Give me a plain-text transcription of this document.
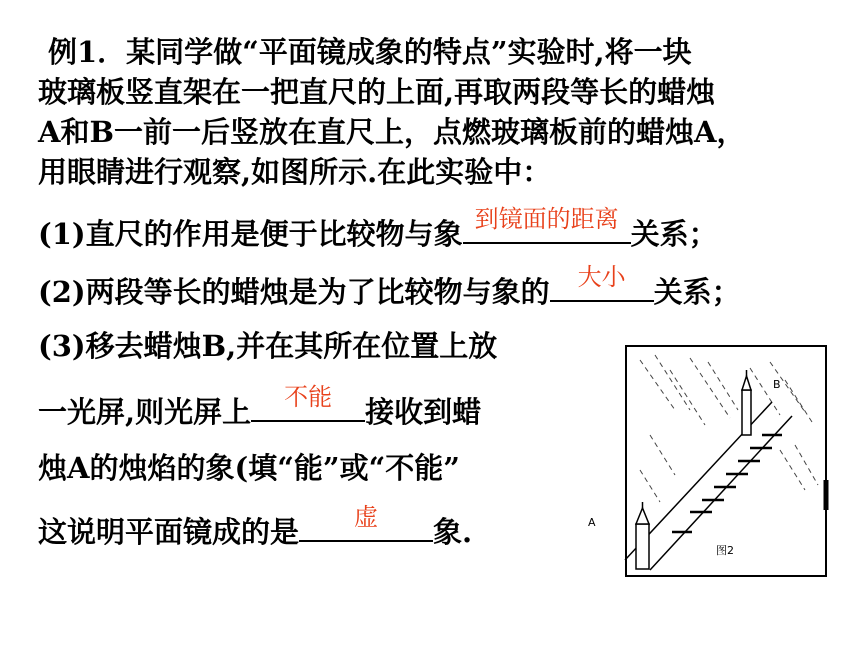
例1．某同学做“平面镜成象的特点”实验时,将一块
玻璃板竖直架在一把直尺的上面,再取两段等长的蜡烛
A和B一前一后竖放在直尺上，点燃玻璃板前的蜡烛A，
用眼睛进行观察,如图所示.在此实验中：
(1)直尺的作用是便于比较物与象 到镜面的距离 关系；
(2)两段等长的蜡烛是为了比较物与象的	大小 关系；
(3)移去蜡烛B,并在其所在位置上放
一光屏,则光屏上	不能	接收到蜡
烛A的烛焰的象(填“能”或“不能”
这说明平面镜成的是	虚	象.
B
A
图2
